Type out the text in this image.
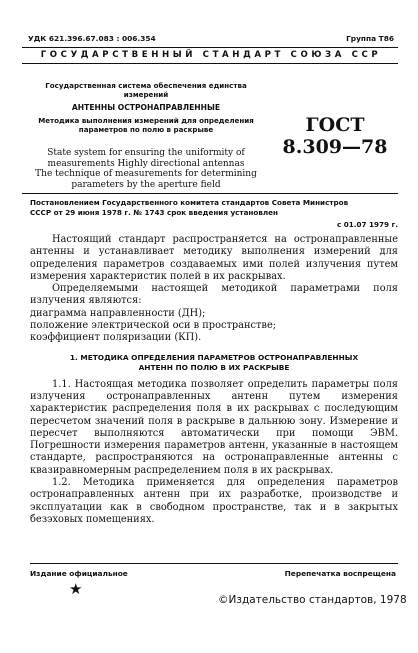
УДК 621.396.67.083 : 006.354	Группа Т86
ГОСУДАРСТВЕННЫЙ СТАНДАРТ СОЮЗА ССР
Государственная система обеспечения единства
измерений
АНТЕННЫ ОСТРОНАПРАВЛЕННЫЕ
Методика выполнения измерений для определения
параметров по полю в раскрыве
State system for ensuring the uniformity of
measurements Highly directional antennas
The technique of measurements for determining
parameters by the aperture field
ГОСТ
8.309—78
Постановлением Государственного комитета стандартов Совета Министров
СССР от 29 июня 1978 г. № 1743 срок введения установлен
с 01.07 1979 г.

Настоящий стандарт распространяется на остронаправленные антенны и устанавливает методику выполнения измерений для определения параметров создаваемых ими полей излучения путем измерения характеристик полей в их раскрывах.

Определяемыми настоящей методикой параметрами поля излучения являются:

диаграмма направленности (ДН);

положение электрической оси в пространстве;

коэффициент поляризации (КП).

1. МЕТОДИКА ОПРЕДЕЛЕНИЯ ПАРАМЕТРОВ ОСТРОНАПРАВЛЕННЫХ
АНТЕНН ПО ПОЛЮ В ИХ РАСКРЫВЕ

1.1. Настоящая методика позволяет определить параметры поля излучения остронаправленных антенн путем измерения характеристик распределения поля в их раскрывах с последующим пересчетом значений поля в раскрыве в дальнюю зону. Измерение и пересчет выполняются автоматически при помощи ЭВМ. Погрешности измерения параметров антенн, указанные в настоящем стандарте, распространяются на остронаправленные антенны с квазиравномерным распределением поля в их раскрывах.

1.2. Методика применяется для определения параметров остронаправленных антенн при их разработке, производстве и эксплуатации как в свободном пространстве, так и в закрытых безэховых помещениях.

Издание официальное	Перепечатка воспрещена
★
©Издательство стандартов, 1978
